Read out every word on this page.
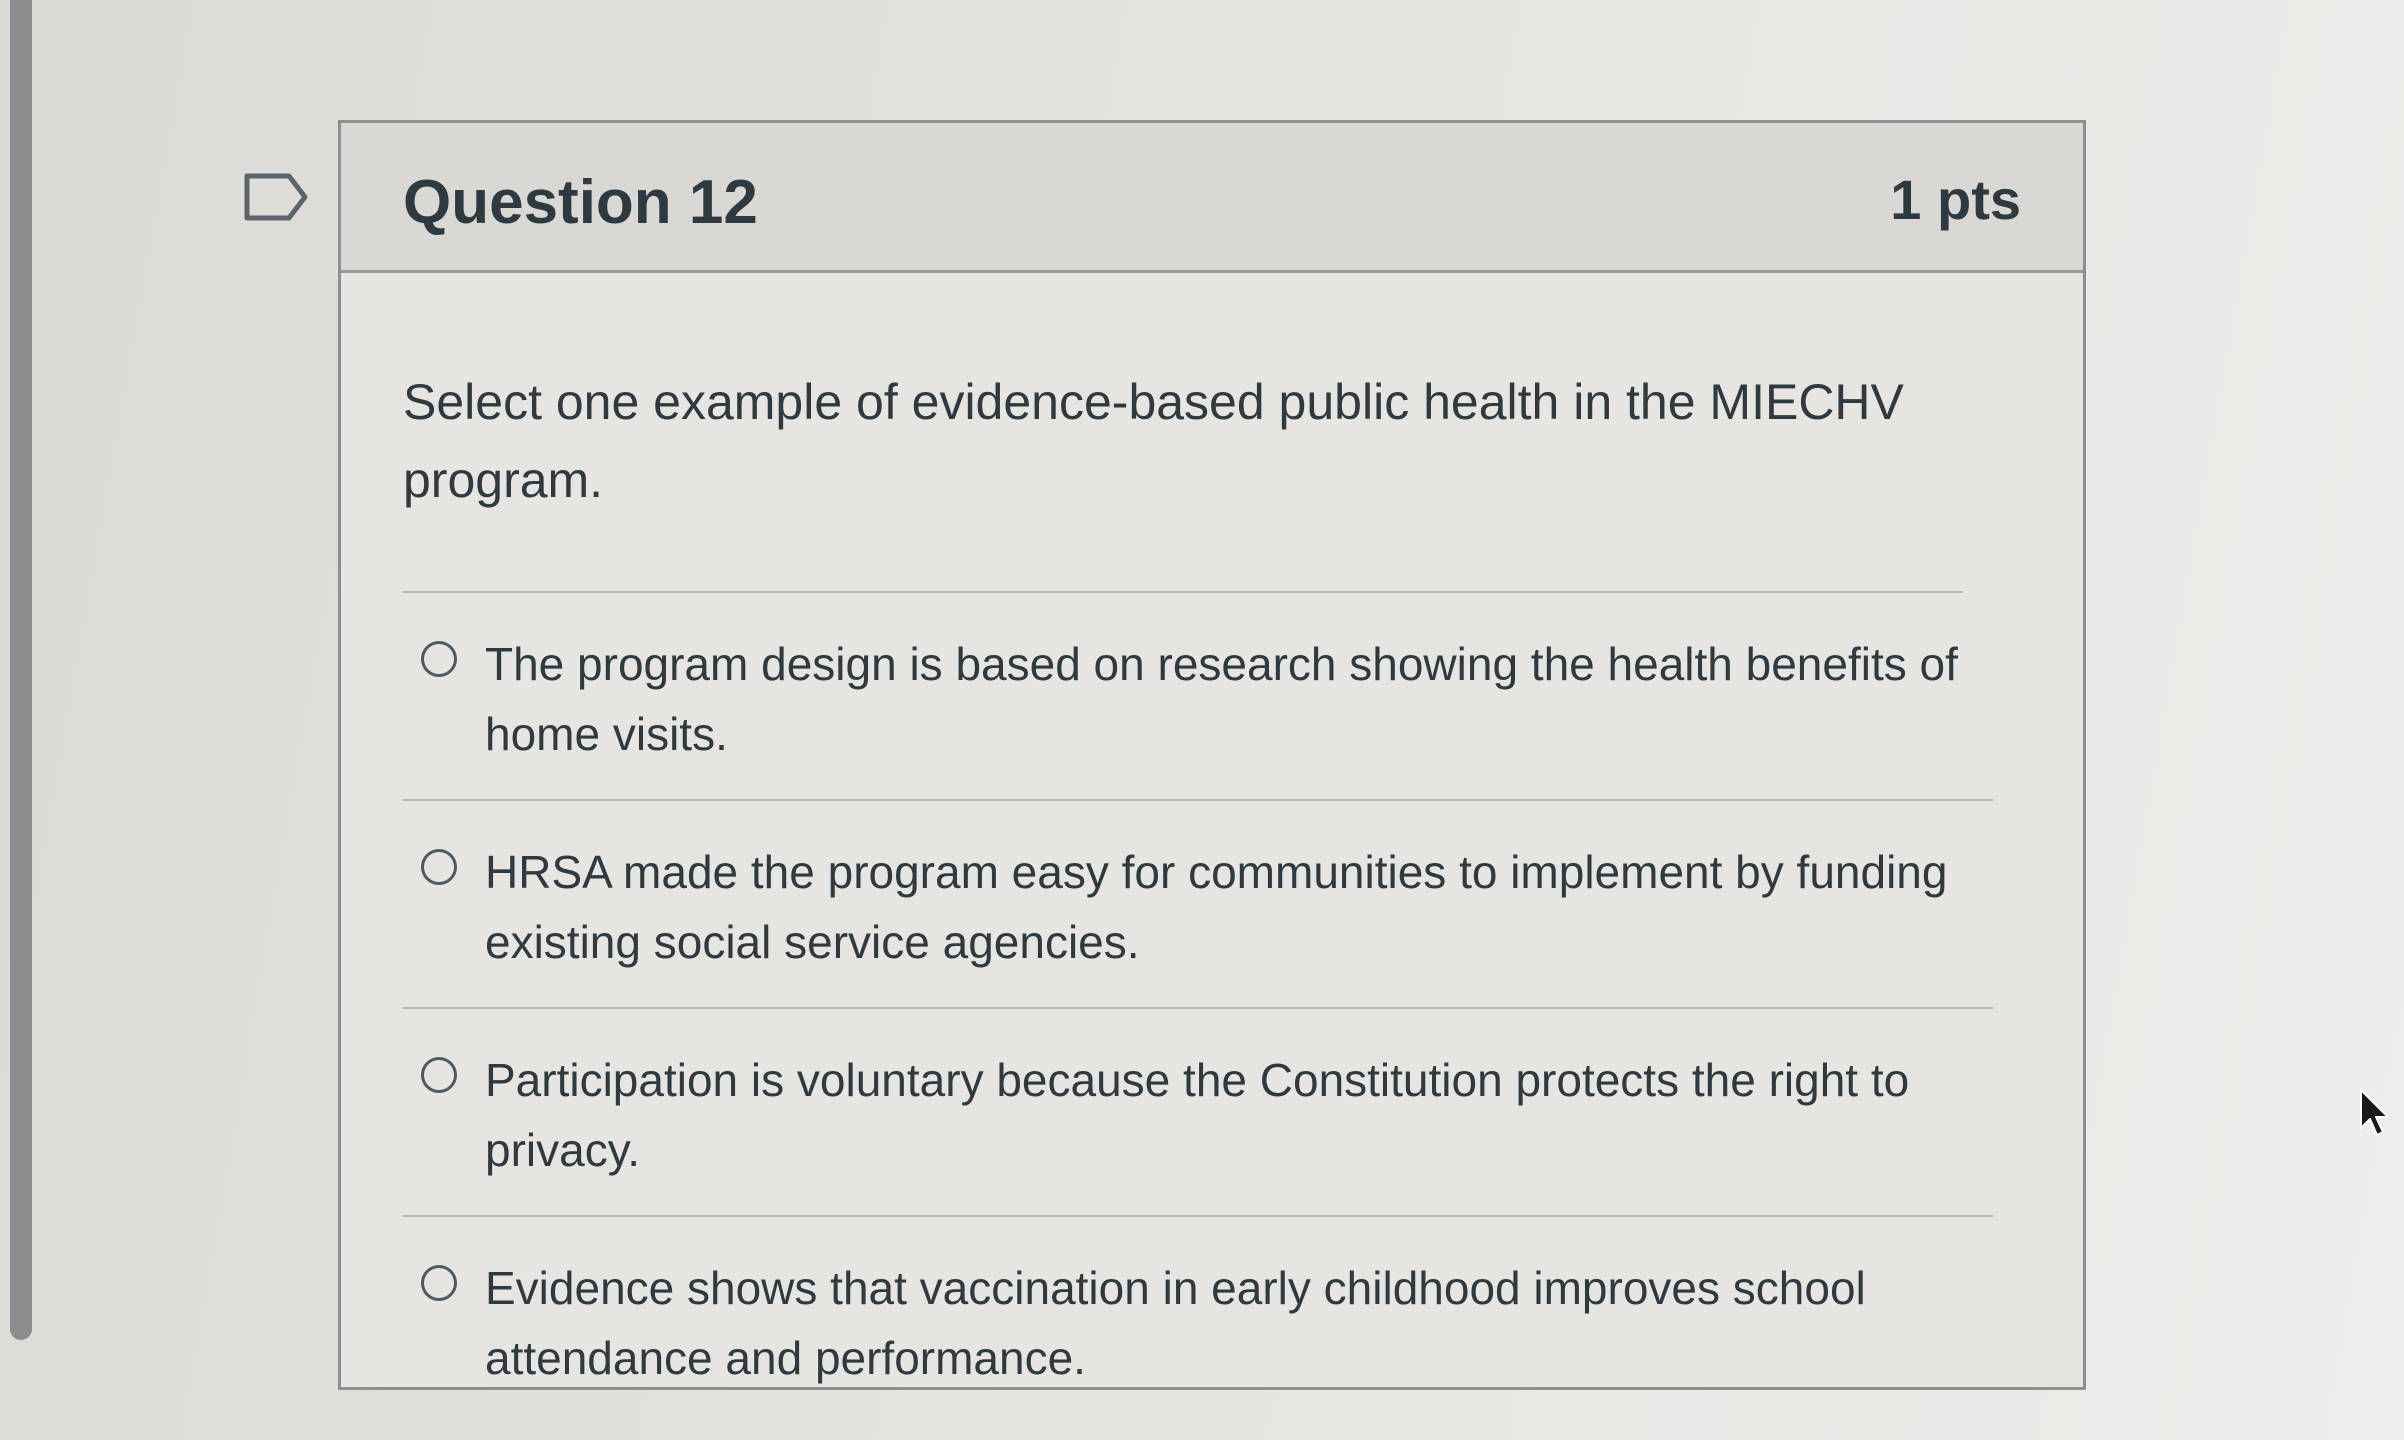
Question 12	1 pts
Select one example of evidence-based public health in the MIECHV program.
The program design is based on research showing the health benefits of home visits.
HRSA made the program easy for communities to implement by funding existing social service agencies.
Participation is voluntary because the Constitution protects the right to privacy.
Evidence shows that vaccination in early childhood improves school attendance and performance.
